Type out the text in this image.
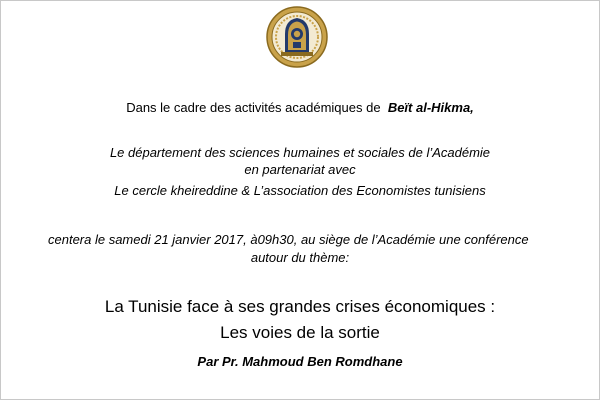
Dans le cadre des activités académiques de Beït al-Hikma,
Le département des sciences humaines et sociales de l’Académie
en partenariat avec
Le cercle kheireddine & L’association des Economistes tunisiens
centera le samedi 21 janvier 2017, à09h30, au siège de l’Académie une conférence
autour du thème:
La Tunisie face à ses grandes crises économiques :
Les voies de la sortie
Par Pr. Mahmoud Ben Romdhane
